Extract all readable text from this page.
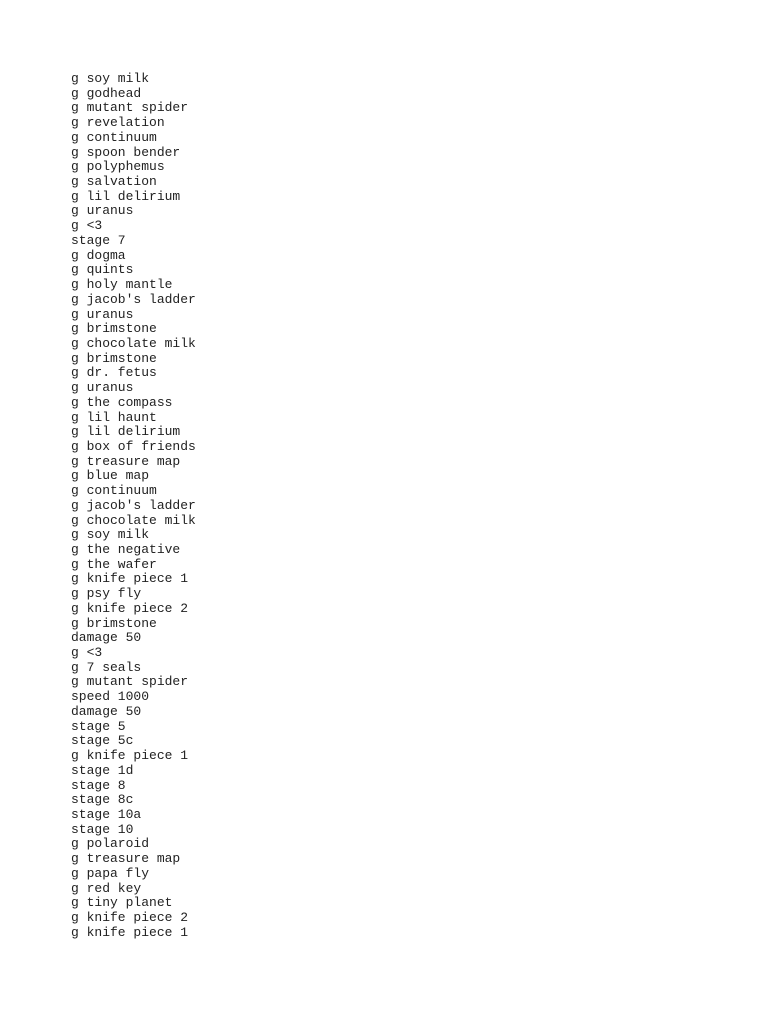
g soy milk
g godhead
g mutant spider
g revelation
g continuum
g spoon bender
g polyphemus
g salvation
g lil delirium
g uranus
g <3
stage 7
g dogma
g quints
g holy mantle
g jacob's ladder
g uranus
g brimstone
g chocolate milk
g brimstone
g dr. fetus
g uranus
g the compass
g lil haunt
g lil delirium
g box of friends
g treasure map
g blue map
g continuum
g jacob's ladder
g chocolate milk
g soy milk
g the negative
g the wafer
g knife piece 1
g psy fly
g knife piece 2
g brimstone
damage 50
g <3
g 7 seals
g mutant spider
speed 1000
damage 50
stage 5
stage 5c
g knife piece 1
stage 1d
stage 8
stage 8c
stage 10a
stage 10
g polaroid
g treasure map
g papa fly
g red key
g tiny planet
g knife piece 2
g knife piece 1
